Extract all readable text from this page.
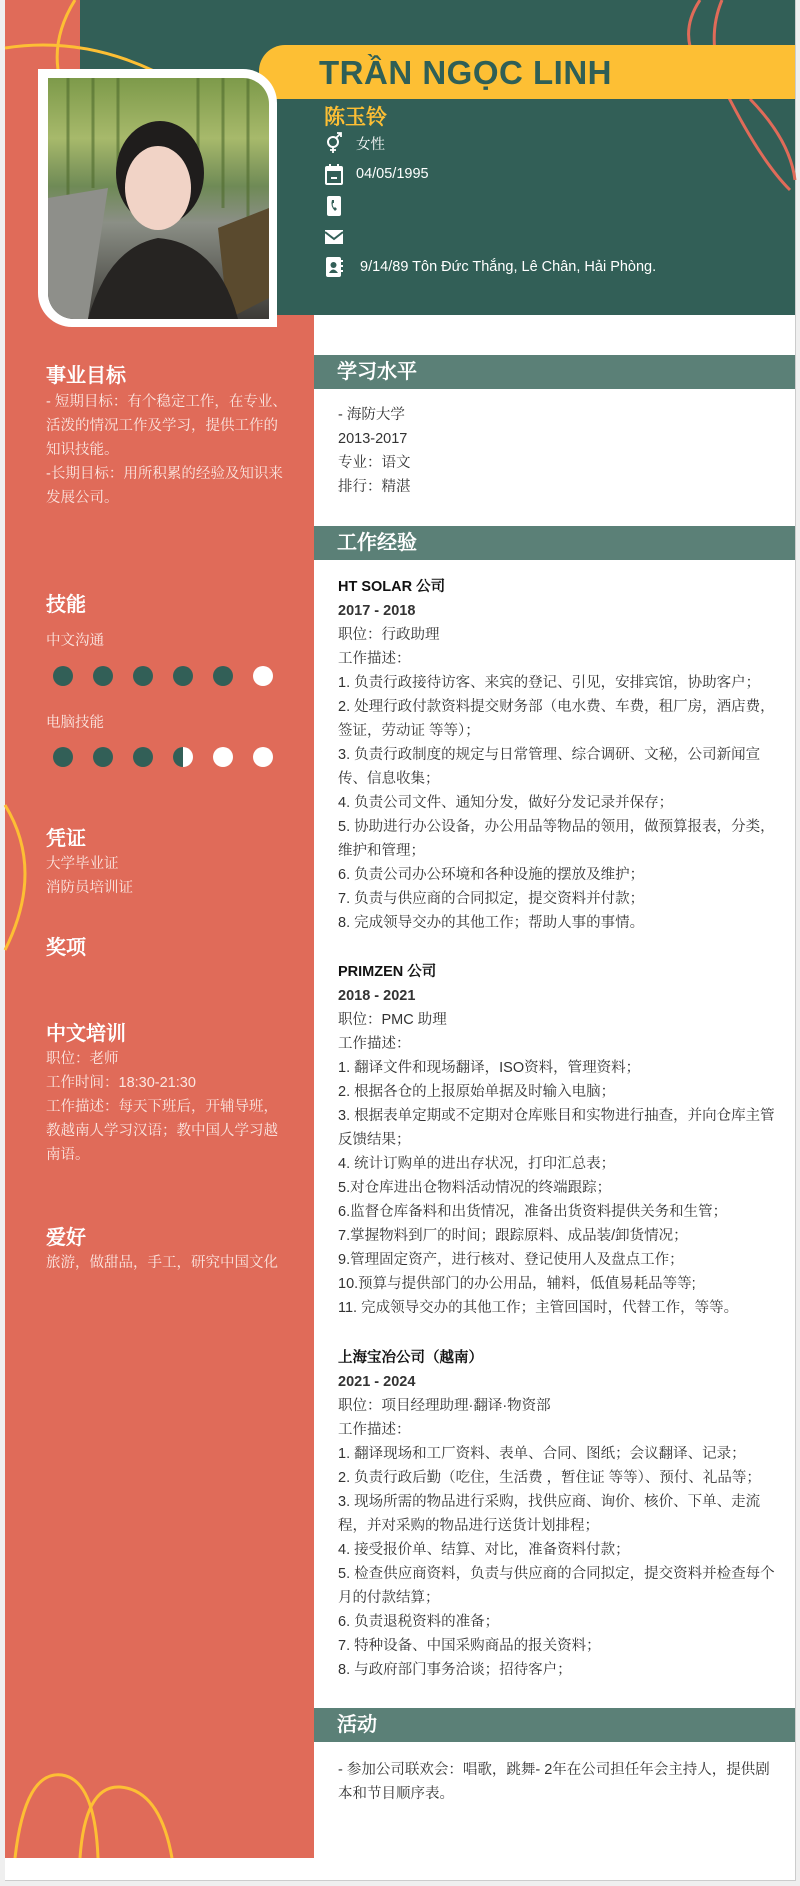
TRẦN NGỌC LINH
陈玉铃
女性
04/05/1995
9/14/89 Tôn Đức Thắng, Lê Chân, Hải Phòng.
事业目标
- 短期目标：有个稳定工作，在专业、活泼的情况工作及学习，提供工作的知识技能。
-长期目标：用所积累的经验及知识来发展公司。
技能
中文沟通
电脑技能
凭证
大学毕业证
消防员培训证
奖项
中文培训
职位：老师
工作时间：18:30-21:30
工作描述：每天下班后，开辅导班，教越南人学习汉语；教中国人学习越南语。
爱好
旅游，做甜品，手工，研究中国文化
学习水平
- 海防大学
2013-2017
专业：语文
排行：精湛
工作经验
HT SOLAR 公司
2017 - 2018
职位：行政助理
工作描述：
1. 负责行政接待访客、来宾的登记、引见，安排宾馆，协助客户；
2. 处理行政付款资料提交财务部（电水费、车费，租厂房，酒店费，签证，劳动证 等等）；
3. 负责行政制度的规定与日常管理、综合调研、文秘，公司新闻宣传、信息收集；
4. 负责公司文件、通知分发，做好分发记录并保存；
5. 协助进行办公设备，办公用品等物品的领用，做预算报表，分类，维护和管理；
6. 负责公司办公环境和各种设施的摆放及维护；
7. 负责与供应商的合同拟定，提交资料并付款；
8. 完成领导交办的其他工作；帮助人事的事情。
PRIMZEN 公司
2018 - 2021
职位：PMC 助理
工作描述：
1. 翻译文件和现场翻译，ISO资料，管理资料；
2. 根据各仓的上报原始单据及时输入电脑；
3. 根据表单定期或不定期对仓库账目和实物进行抽查，并向仓库主管反馈结果；
4. 统计订购单的进出存状况，打印汇总表；
5.对仓库进出仓物料活动情况的终端跟踪；
6.监督仓库备料和出货情况，准备出货资料提供关务和生管；
7.掌握物料到厂的时间；跟踪原料、成品装/卸货情况；
9.管理固定资产，进行核对、登记使用人及盘点工作；
10.预算与提供部门的办公用品，辅料，低值易耗品等等;
11. 完成领导交办的其他工作；主管回国时，代替工作，等等。
上海宝冶公司（越南）
2021 - 2024
职位：项目经理助理·翻译·物资部
工作描述：
1. 翻译现场和工厂资料、表单、合同、图纸；会议翻译、记录；
2. 负责行政后勤（吃住，生活费 ，暂住证 等等）、预付、礼品等；
3. 现场所需的物品进行采购，找供应商、询价、核价、下单、走流程，并对采购的物品进行送货计划排程；
4. 接受报价单、结算、对比，准备资料付款；
5. 检查供应商资料，负责与供应商的合同拟定，提交资料并检查每个月的付款结算；
6. 负责退税资料的准备；
7. 特种设备、中国采购商品的报关资料；
8. 与政府部门事务洽谈；招待客户；
活动
- 参加公司联欢会：唱歌，跳舞- 2年在公司担任年会主持人，提供剧本和节目顺序表。
